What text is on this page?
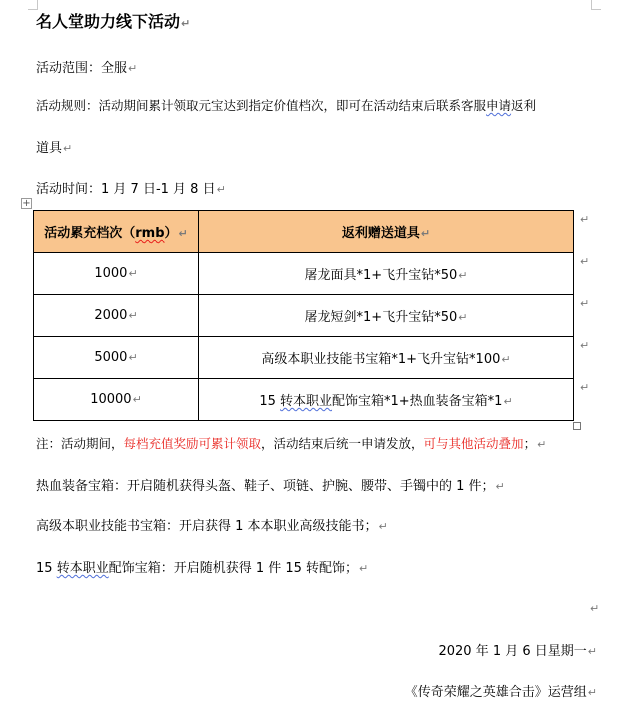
名人堂助力线下活动↵
活动范围：全服↵
活动规则：活动期间累计领取元宝达到指定价值档次，即可在活动结束后联系客服申请返利
道具↵
活动时间：1 月 7 日-1 月 8 日↵
+
活动累充档次（rmb）↵	返利赠送道具↵
1000↵	屠龙面具*1+飞升宝钻*50↵
2000↵	屠龙短剑*1+飞升宝钻*50↵
5000↵	高级本职业技能书宝箱*1+飞升宝钻*100↵
10000↵	15 转本职业配饰宝箱*1+热血装备宝箱*1↵
↵
↵
↵
↵
↵
注：活动期间，每档充值奖励可累计领取，活动结束后统一申请发放，可与其他活动叠加；↵
热血装备宝箱：开启随机获得头盔、鞋子、项链、护腕、腰带、手镯中的 1 件；↵
高级本职业技能书宝箱：开启获得 1 本本职业高级技能书；↵
15 转本职业配饰宝箱：开启随机获得 1 件 15 转配饰；↵
↵
2020 年 1 月 6 日星期一↵
《传奇荣耀之英雄合击》运营组↵
